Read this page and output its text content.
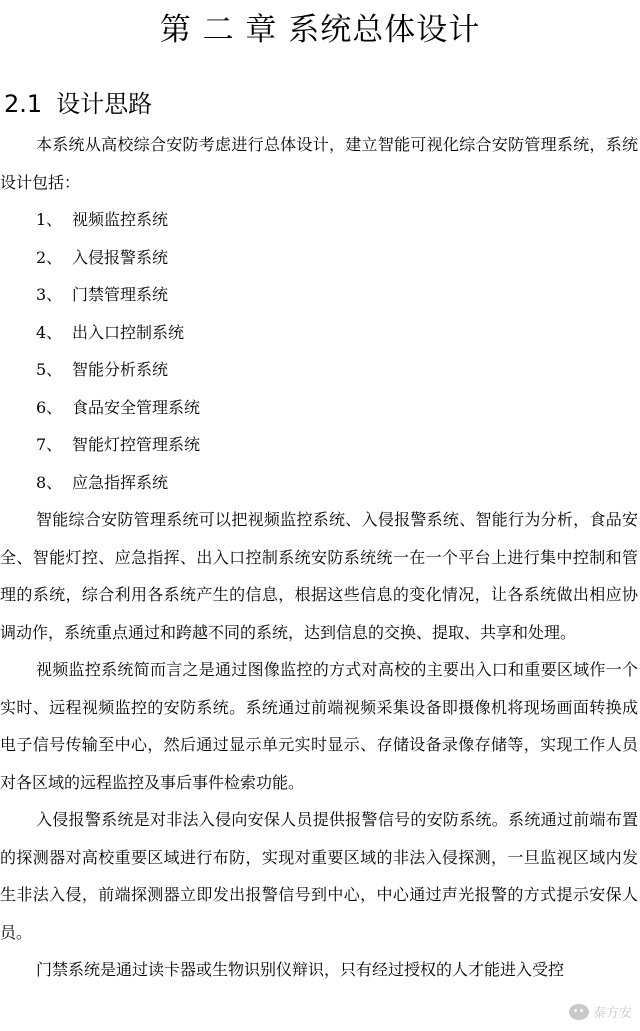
第 二 章 系统总体设计
2.1 设计思路

本系统从高校综合安防考虑进行总体设计，建立智能可视化综合安防管理系统，系统设计包括：

1、 视频监控系统
2、 入侵报警系统
3、 门禁管理系统
4、 出入口控制系统
5、 智能分析系统
6、 食品安全管理系统
7、 智能灯控管理系统
8、 应急指挥系统

智能综合安防管理系统可以把视频监控系统、入侵报警系统、智能行为分析，食品安全、智能灯控、应急指挥、出入口控制系统安防系统统一在一个平台上进行集中控制和管理的系统，综合利用各系统产生的信息，根据这些信息的变化情况，让各系统做出相应协调动作，系统重点通过和跨越不同的系统，达到信息的交换、提取、共享和处理。

视频监控系统简而言之是通过图像监控的方式对高校的主要出入口和重要区域作一个实时、远程视频监控的安防系统。系统通过前端视频采集设备即摄像机将现场画面转换成电子信号传输至中心，然后通过显示单元实时显示、存储设备录像存储等，实现工作人员对各区域的远程监控及事后事件检索功能。

入侵报警系统是对非法入侵向安保人员提供报警信号的安防系统。系统通过前端布置的探测器对高校重要区域进行布防，实现对重要区域的非法入侵探测，一旦监视区域内发生非法入侵，前端探测器立即发出报警信号到中心，中心通过声光报警的方式提示安保人员。

门禁系统是通过读卡器或生物识别仪辩识，只有经过授权的人才能进入受控

泰方安
